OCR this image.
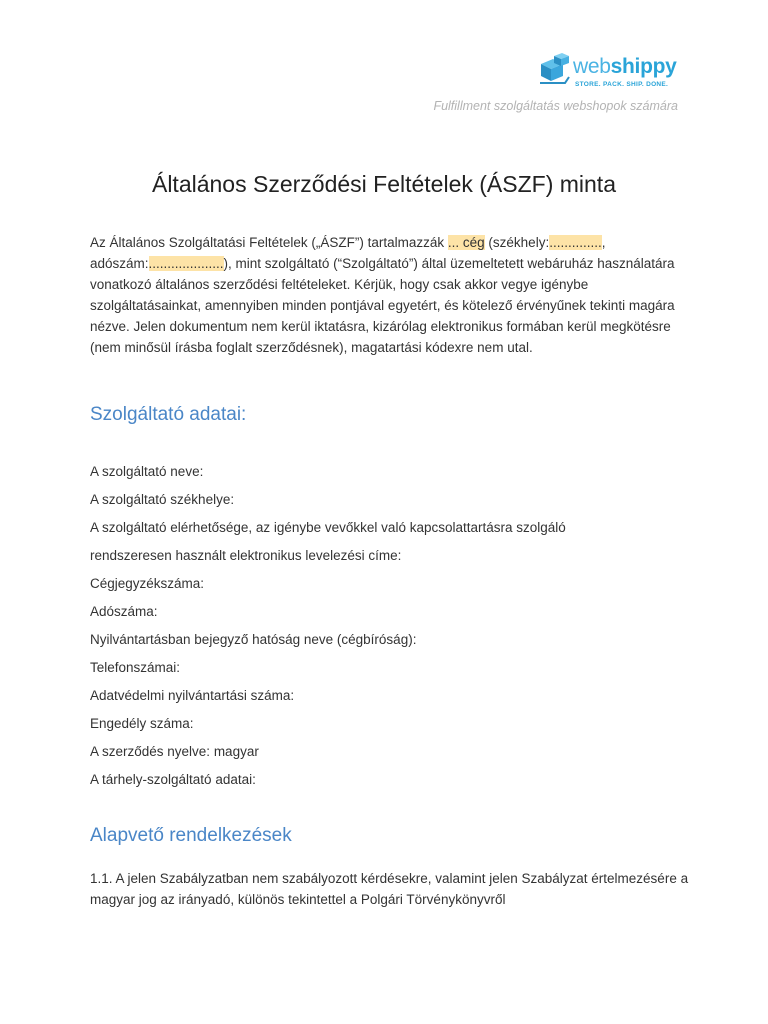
webshippy
STORE. PACK. SHIP. DONE.
Fulfillment szolgáltatás webshopok számára
Általános Szerződési Feltételek (ÁSZF) minta
Az Általános Szolgáltatási Feltételek („ÁSZF”) tartalmazzák ... cég (székhely:.............., adószám:....................), mint szolgáltató (“Szolgáltató”) által üzemeltetett webáruház használatára vonatkozó általános szerződési feltételeket. Kérjük, hogy csak akkor vegye igénybe szolgáltatásainkat, amennyiben minden pontjával egyetért, és kötelező érvényűnek tekinti magára nézve. Jelen dokumentum nem kerül iktatásra, kizárólag elektronikus formában kerül megkötésre (nem minősül írásba foglalt szerződésnek), magatartási kódexre nem utal.
Szolgáltató adatai:
A szolgáltató neve:
A szolgáltató székhelye:
A szolgáltató elérhetősége, az igénybe vevőkkel való kapcsolattartásra szolgáló
rendszeresen használt elektronikus levelezési címe:
Cégjegyzékszáma:
Adószáma:
Nyilvántartásban bejegyző hatóság neve (cégbíróság):
Telefonszámai:
Adatvédelmi nyilvántartási száma:
Engedély száma:
A szerződés nyelve: magyar
A tárhely-szolgáltató adatai:
Alapvető rendelkezések
1.1. A jelen Szabályzatban nem szabályozott kérdésekre, valamint jelen Szabályzat értelmezésére a magyar jog az irányadó, különös tekintettel a Polgári Törvénykönyvről
